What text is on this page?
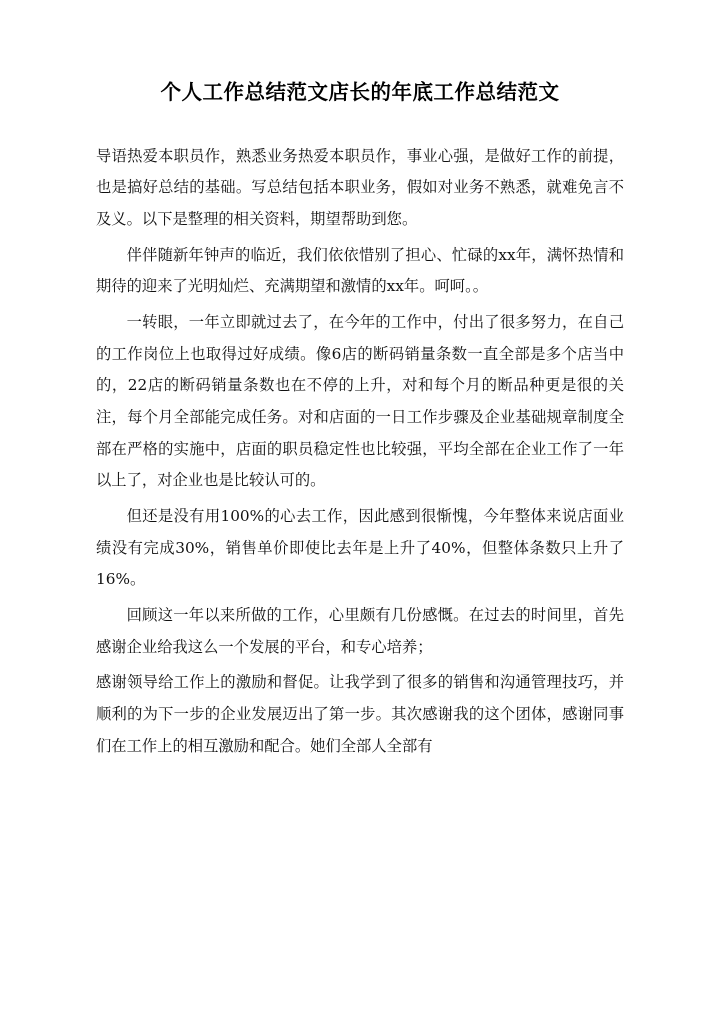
个人工作总结范文店长的年底工作总结范文

导语热爱本职员作，熟悉业务热爱本职员作，事业心强，是做好工作的前提，也是搞好总结的基础。写总结包括本职业务，假如对业务不熟悉，就难免言不及义。以下是整理的相关资料，期望帮助到您。

伴伴随新年钟声的临近，我们依依惜别了担心、忙碌的xx年，满怀热情和期待的迎来了光明灿烂、充满期望和激情的xx年。呵呵。。

一转眼，一年立即就过去了，在今年的工作中，付出了很多努力，在自己的工作岗位上也取得过好成绩。像6店的断码销量条数一直全部是多个店当中的，22店的断码销量条数也在不停的上升，对和每个月的断品种更是很的关注，每个月全部能完成任务。对和店面的一日工作步骤及企业基础规章制度全部在严格的实施中，店面的职员稳定性也比较强，平均全部在企业工作了一年以上了，对企业也是比较认可的。

但还是没有用100%的心去工作，因此感到很惭愧，今年整体来说店面业绩没有完成30%，销售单价即使比去年是上升了40%，但整体条数只上升了16%。

回顾这一年以来所做的工作，心里颇有几份感慨。在过去的时间里，首先感谢企业给我这么一个发展的平台，和专心培养；

感谢领导给工作上的激励和督促。让我学到了很多的销售和沟通管理技巧，并顺利的为下一步的企业发展迈出了第一步。其次感谢我的这个团体，感谢同事们在工作上的相互激励和配合。她们全部人全部有
